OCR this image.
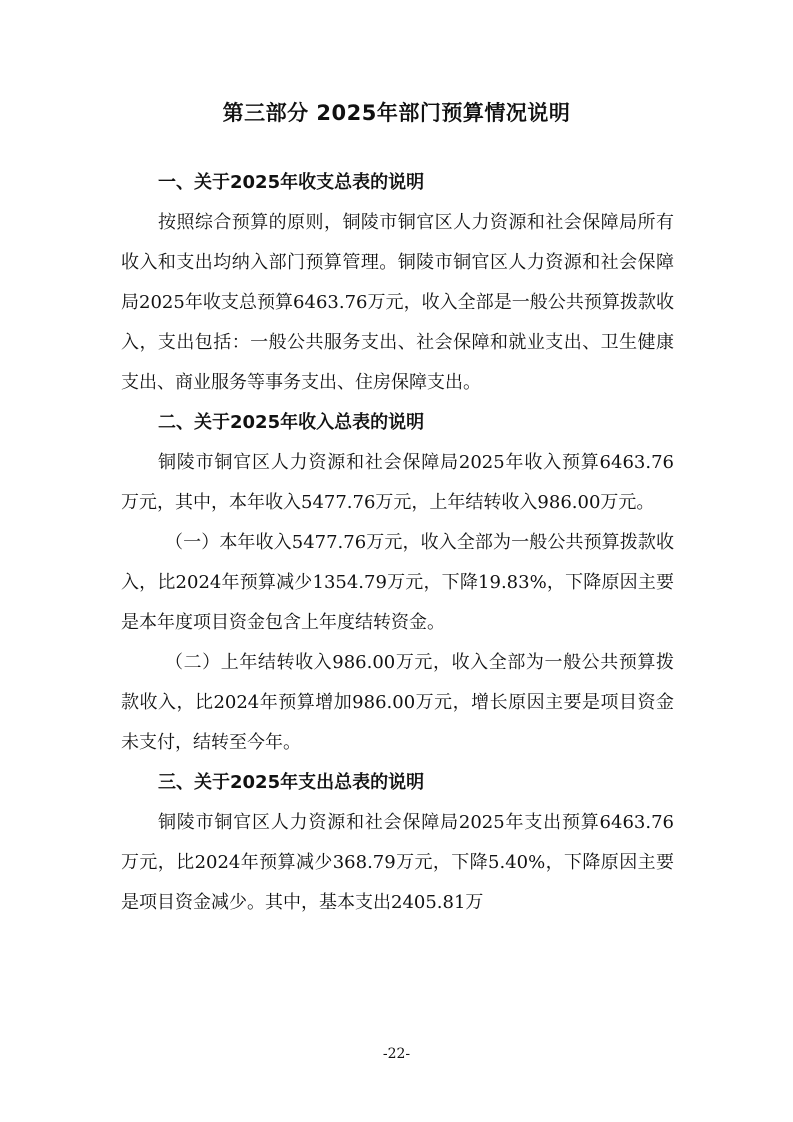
第三部分 2025年部门预算情况说明

一、关于2025年收支总表的说明

按照综合预算的原则，铜陵市铜官区人力资源和社会保障局所有收入和支出均纳入部门预算管理。铜陵市铜官区人力资源和社会保障局2025年收支总预算6463.76万元，收入全部是一般公共预算拨款收入，支出包括：一般公共服务支出、社会保障和就业支出、卫生健康支出、商业服务等事务支出、住房保障支出。

二、关于2025年收入总表的说明

铜陵市铜官区人力资源和社会保障局2025年收入预算6463.76万元，其中，本年收入5477.76万元，上年结转收入986.00万元。

（一）本年收入5477.76万元，收入全部为一般公共预算拨款收入，比2024年预算减少1354.79万元，下降19.83%，下降原因主要是本年度项目资金包含上年度结转资金。

（二）上年结转收入986.00万元，收入全部为一般公共预算拨款收入，比2024年预算增加986.00万元，增长原因主要是项目资金未支付，结转至今年。

三、关于2025年支出总表的说明

铜陵市铜官区人力资源和社会保障局2025年支出预算6463.76万元，比2024年预算减少368.79万元，下降5.40%，下降原因主要是项目资金减少。其中，基本支出2405.81万

-22-
